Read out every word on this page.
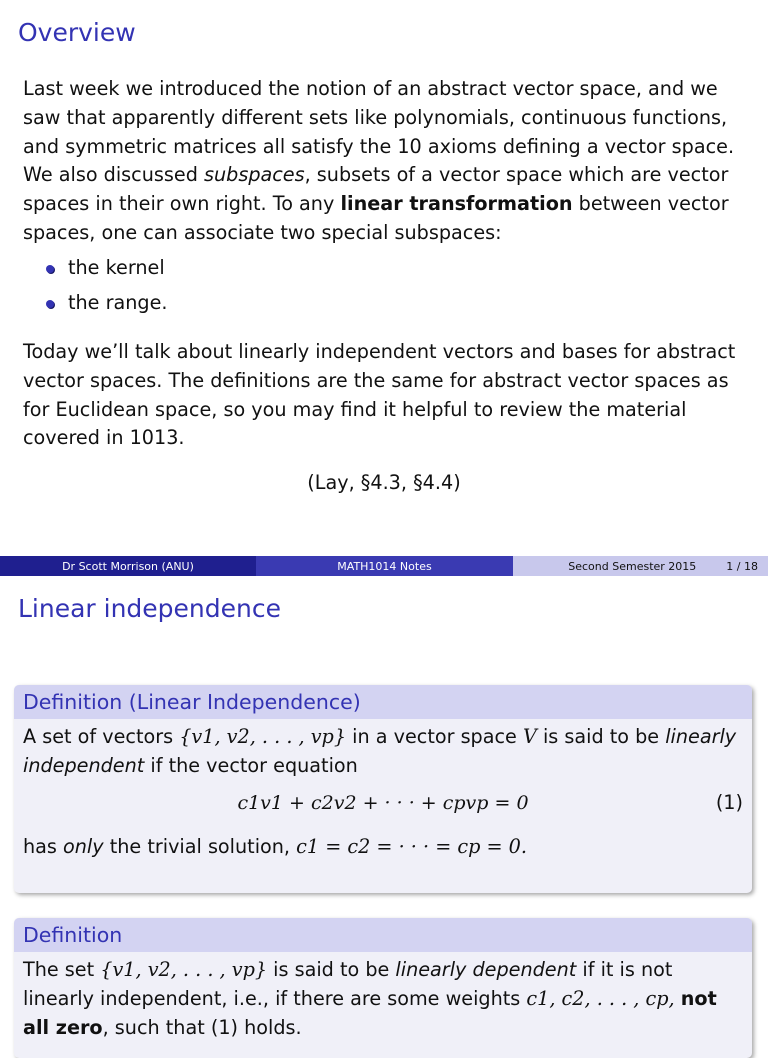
Overview

Last week we introduced the notion of an abstract vector space, and we saw that apparently different sets like polynomials, continuous functions, and symmetric matrices all satisfy the 10 axioms defining a vector space. We also discussed subspaces, subsets of a vector space which are vector spaces in their own right. To any linear transformation between vector spaces, one can associate two special subspaces:

the kernel
the range.

Today we’ll talk about linearly independent vectors and bases for abstract vector spaces. The definitions are the same for abstract vector spaces as for Euclidean space, so you may find it helpful to review the material covered in 1013.

(Lay, §4.3, §4.4)
Dr Scott Morrison (ANU)	MATH1014 Notes	Second Semester 2015	1 / 18
Linear independence
Definition (Linear Independence)
A set of vectors {v1, v2, . . . , vp} in a vector space V is said to be linearly independent if the vector equation
c1v1 + c2v2 + · · · + cpvp = 0	(1)
has only the trivial solution, c1 = c2 = · · · = cp = 0.
Definition
The set {v1, v2, . . . , vp} is said to be linearly dependent if it is not linearly independent, i.e., if there are some weights c1, c2, . . . , cp, not all zero, such that (1) holds.
